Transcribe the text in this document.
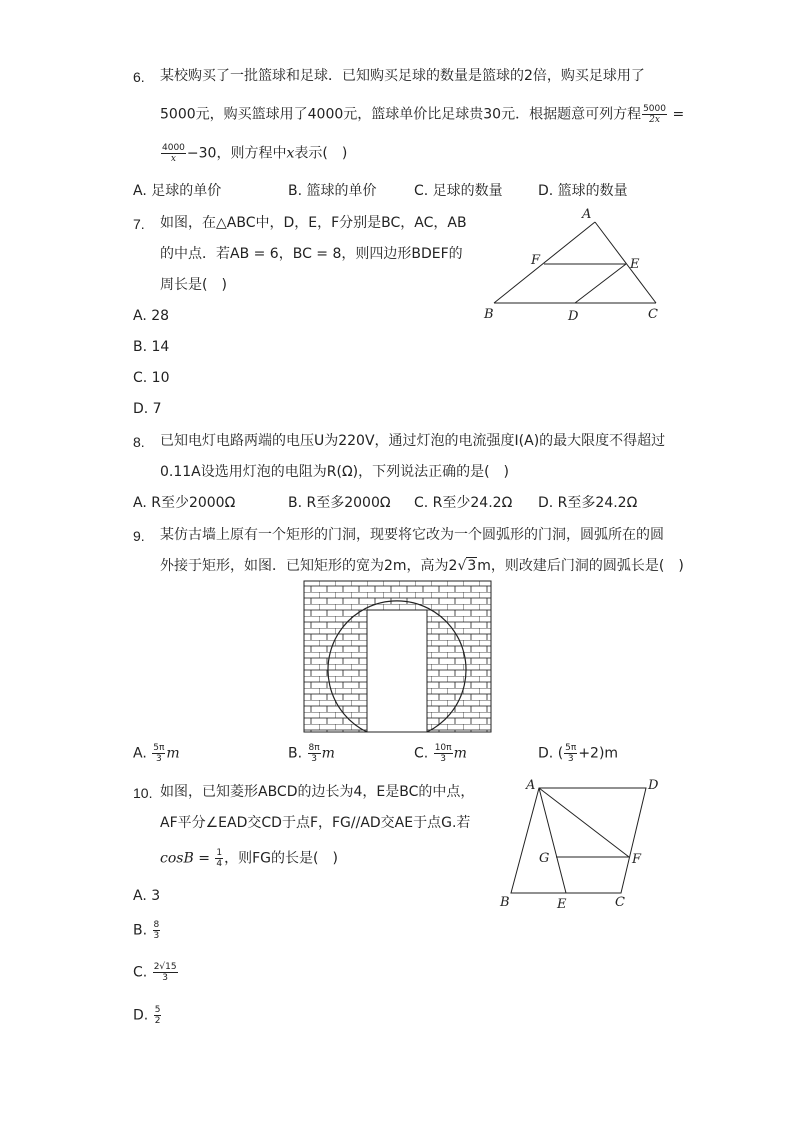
6. 某校购买了一批篮球和足球．已知购买足球的数量是篮球的2倍，购买足球用了
5000元，购买篮球用了4000元，篮球单价比足球贵30元．根据题意可列方程 $\frac{5000}{2x}$ =
$\frac{4000}{x} -30$，则方程中x表示(　)
A. 足球的单价	B. 篮球的单价	C. 足球的数量	D. 篮球的数量
7. 如图，在△ABC中，D，E，F分别是BC，AC，AB
的中点．若AB = 6，BC = 8，则四边形BDEF的
周长是(　)
A. 28
B. 14
C. 10
D. 7
A
B	C
D
E
F
8. 已知电灯电路两端的电压U为220V，通过灯泡的电流强度I(A)的最大限度不得超过
0.11A设选用灯泡的电阻为R(Ω)，下列说法正确的是(　)
A. R至少2000Ω	B. R至多2000Ω C. R至少24.2Ω D. R至多24.2Ω
9. 某仿古墙上原有一个矩形的门洞，现要将它改为一个圆弧形的门洞，圆弧所在的圆
外接于矩形，如图．已知矩形的宽为2m，高为2√3m，则改建后门洞的圆弧长是(　)
A. $\frac{5\pi}{3}$ m	B. $\frac{8\pi}{3}$ m	C. $\frac{10\pi}{3}$ m	D. ( $\frac{5\pi}{3} +2)m$
10. 如图，已知菱形ABCD的边长为4，E是BC的中点，
AF平分∠EAD交CD于点F，FG//AD交AE于点G.若
$\cos B = \frac{1}{4}$ ，则FG的长是(　)
A. 3
B. $\frac{8}{3}$
C. $\frac{2√15}{3}$
D. $\frac{5}{2}$
A	D
B	C
E
F
G
